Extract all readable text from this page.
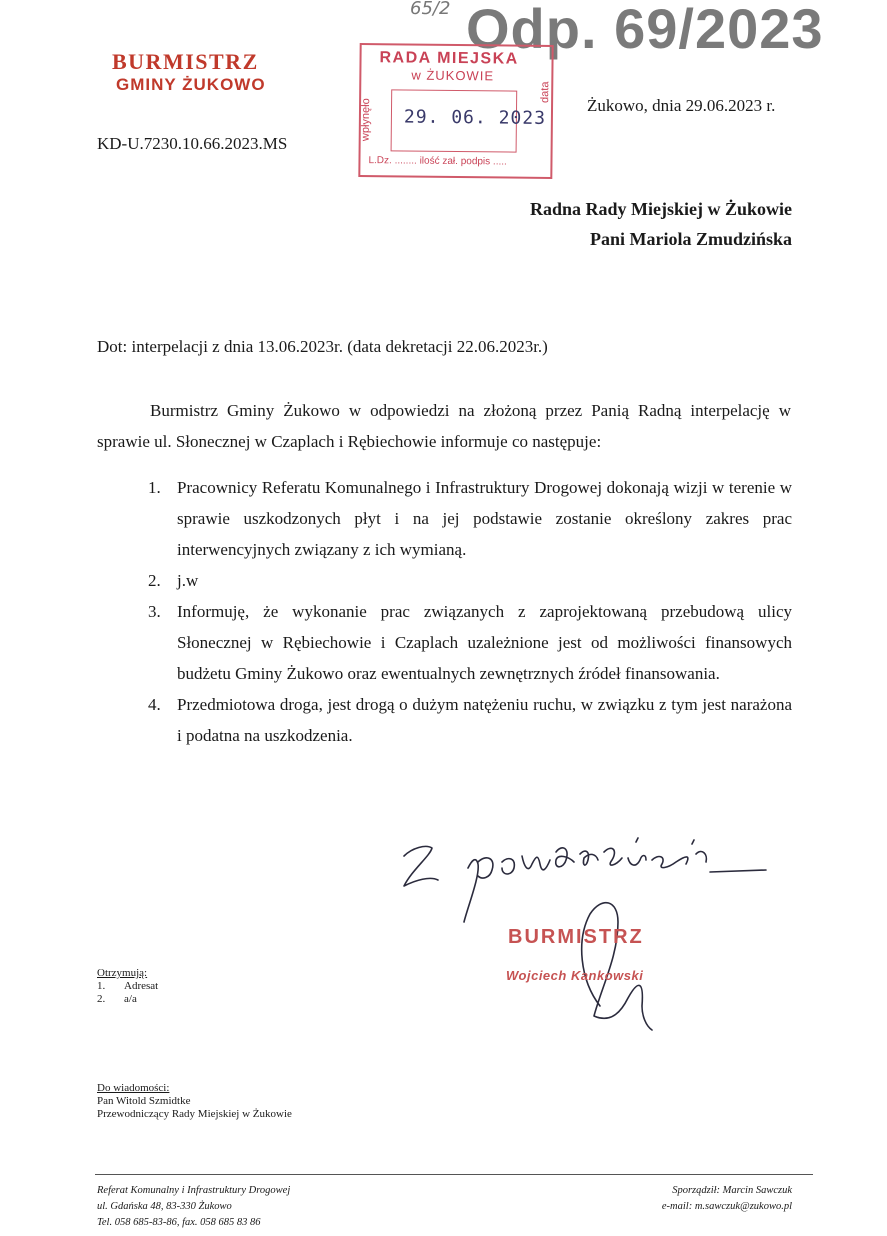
65/2 Odp. 69/2023
BURMISTRZ
GMINY ŻUKOWO
KD-U.7230.10.66.2023.MS
RADA MIEJSKA
w ŻUKOWIE
29. 06. 2023
wpłynęło
data
L.Dz. ........ ilość zał. podpis .....
Żukowo, dnia 29.06.2023 r.
Radna Rady Miejskiej w Żukowie
Pani Mariola Zmudzińska
Dot: interpelacji z dnia 13.06.2023r. (data dekretacji 22.06.2023r.)
Burmistrz Gminy Żukowo w odpowiedzi na złożoną przez Panią Radną interpelację w sprawie ul. Słonecznej w Czaplach i Rębiechowie informuje co następuje:
1. Pracownicy Referatu Komunalnego i Infrastruktury Drogowej dokonają wizji w terenie w sprawie uszkodzonych płyt i na jej podstawie zostanie określony zakres prac interwencyjnych związany z ich wymianą.
2. j.w
3. Informuję, że wykonanie prac związanych z zaprojektowaną przebudową ulicy Słonecznej w Rębiechowie i Czaplach uzależnione jest od możliwości finansowych budżetu Gminy Żukowo oraz ewentualnych zewnętrznych źródeł finansowania.
4. Przedmiotowa droga, jest drogą o dużym natężeniu ruchu, w związku z tym jest narażona i podatna na uszkodzenia.
BURMISTRZ
Wojciech Kankowski
Otrzymują:
1. Adresat
2. a/a
Do wiadomości:
Pan Witold Szmidtke
Przewodniczący Rady Miejskiej w Żukowie
Referat Komunalny i Infrastruktury Drogowej
ul. Gdańska 48, 83-330 Żukowo
Tel. 058 685-83-86, fax. 058 685 83 86
Sporządził: Marcin Sawczuk
e-mail: m.sawczuk@zukowo.pl
